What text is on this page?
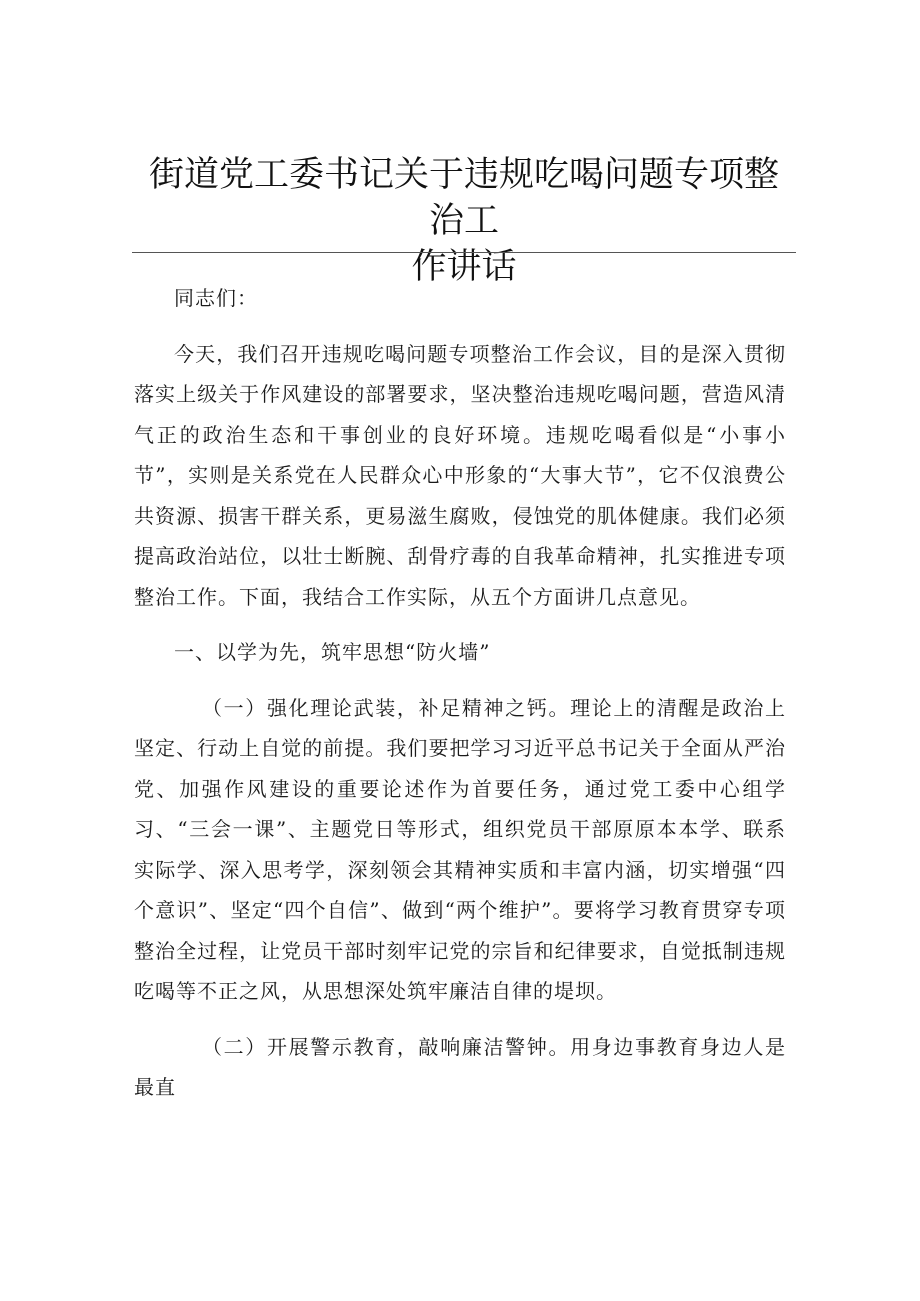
街道党工委书记关于违规吃喝问题专项整治工
作讲话

同志们：

今天，我们召开违规吃喝问题专项整治工作会议，目的是深入贯彻落实上级关于作风建设的部署要求，坚决整治违规吃喝问题，营造风清气正的政治生态和干事创业的良好环境。违规吃喝看似是“小事小节”，实则是关系党在人民群众心中形象的“大事大节”，它不仅浪费公共资源、损害干群关系，更易滋生腐败，侵蚀党的肌体健康。我们必须提高政治站位，以壮士断腕、刮骨疗毒的自我革命精神，扎实推进专项整治工作。下面，我结合工作实际，从五个方面讲几点意见。

一、以学为先，筑牢思想“防火墙”

（一）强化理论武装，补足精神之钙。理论上的清醒是政治上坚定、行动上自觉的前提。我们要把学习习近平总书记关于全面从严治党、加强作风建设的重要论述作为首要任务，通过党工委中心组学习、“三会一课”、主题党日等形式，组织党员干部原原本本学、联系实际学、深入思考学，深刻领会其精神实质和丰富内涵，切实增强“四个意识”、坚定“四个自信”、做到“两个维护”。要将学习教育贯穿专项整治全过程，让党员干部时刻牢记党的宗旨和纪律要求，自觉抵制违规吃喝等不正之风，从思想深处筑牢廉洁自律的堤坝。

（二）开展警示教育，敲响廉洁警钟。用身边事教育身边人是最直
